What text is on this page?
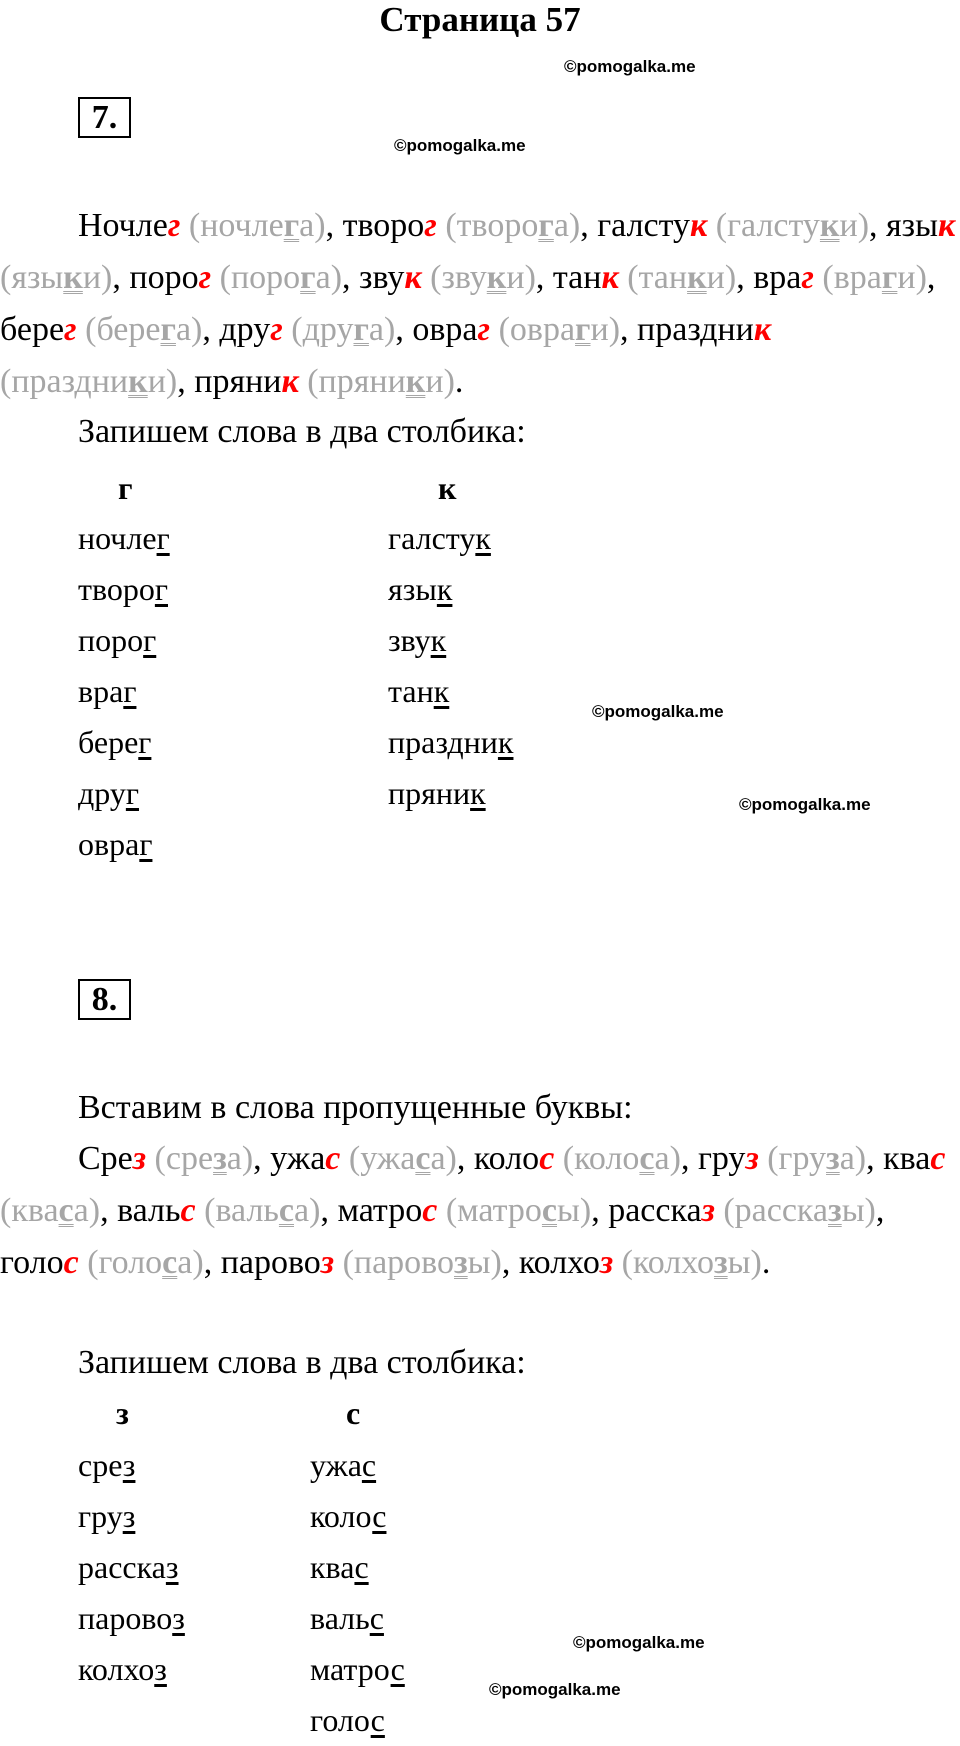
Страница 57
©pomogalka.me
©pomogalka.me
©pomogalka.me
©pomogalka.me
©pomogalka.me
©pomogalka.me
7.
Ночлег (ночлега), творог (творога), галстук (галстуки), язык (языки), порог (порога), звук (звуки), танк (танки), враг (враги), берег (берега), друг (друга), овраг (овраги), праздник (праздники), пряник (пряники).
Запишем слова в два столбика:
г	к
ночлег
творог
порог
враг
берег
друг
овраг
галстук
язык
звук
танк
праздник
пряник
8.
Вставим в слова пропущенные буквы:
Срез (среза), ужас (ужаса), колос (колоса), груз (груза), квас (кваса), вальс (вальса), матрос (матросы), рассказ (рассказы), голос (голоса), паровоз (паровозы), колхоз (колхозы).
Запишем слова в два столбика:
з	с
срез
груз
рассказ
паровоз
колхоз
ужас
колос
квас
вальс
матрос
голос
